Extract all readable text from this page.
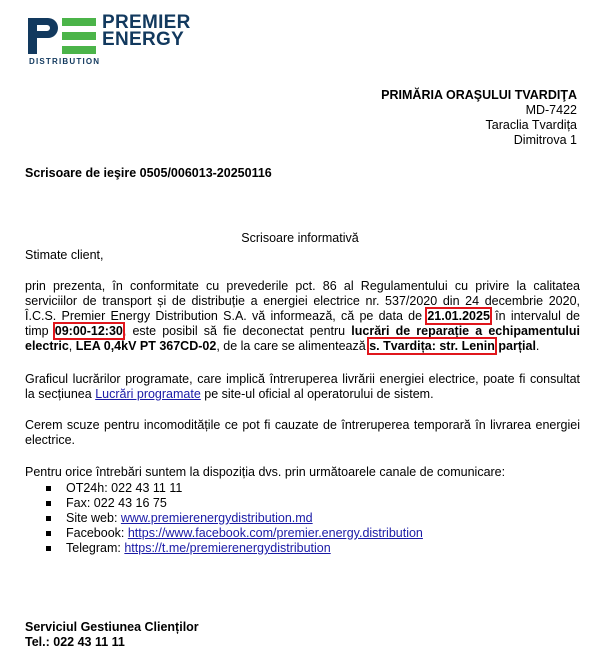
PREMIER
ENERGY
DISTRIBUTION
PRIMĂRIA ORAŞULUI TVARDIŢA
MD-7422
Taraclia Tvardița
Dimitrova 1
Scrisoare de ieşire 0505/006013-20250116
Scrisoare informativă
Stimate client,
prin prezenta, în conformitate cu prevederile pct. 86 al Regulamentului cu privire la calitatea serviciilor de transport și de distribuție a energiei electrice nr. 537/2020 din 24 decembrie 2020, Î.C.S. Premier Energy Distribution S.A. vă informează, că pe data de 21.01.2025 în intervalul de timp 09:00-12:30, este posibil să fie deconectat pentru lucrări de reparație a echipamentului electric, LEA 0,4kV PT 367CD-02, de la care se alimentează s. Tvardița: str. Lenin parțial.
Graficul lucrărilor programate, care implică întreruperea livrării energiei electrice, poate fi consultat la secțiunea Lucrări programate pe site-ul oficial al operatorului de sistem.
Cerem scuze pentru incomoditățile ce pot fi cauzate de întreruperea temporară în livrarea energiei electrice.
Pentru orice întrebări suntem la dispoziția dvs. prin următoarele canale de comunicare:
OT24h: 022 43 11 11
Fax: 022 43 16 75
Site web: www.premierenergydistribution.md
Facebook: https://www.facebook.com/premier.energy.distribution
Telegram: https://t.me/premierenergydistribution
Serviciul Gestiunea Clienților
Tel.: 022 43 11 11
